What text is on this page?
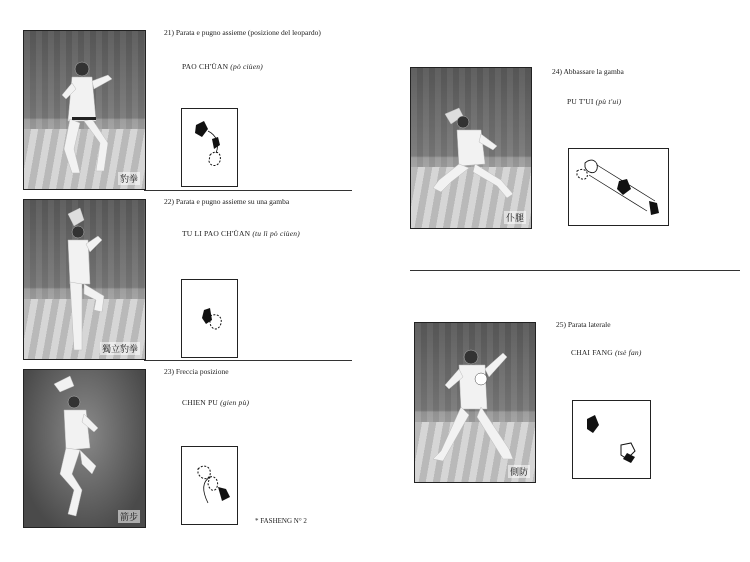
豹拳
21) Parata e pugno assieme (posizione del leopardo)
PAO CH'ÜAN (pò ciùen)
獨立豹拳
22) Parata e pugno assieme su una gamba
TU LI PAO CH'ÜAN (tu lì pò ciùen)
箭步
23) Freccia posizione
CHIEN PU (gien pù)
* FASHENG N° 2
仆腿
24) Abbassare la gamba
PU T'UI (pù t'ui)
側防
25) Parata laterale
CHAI FANG (tsè fan)
